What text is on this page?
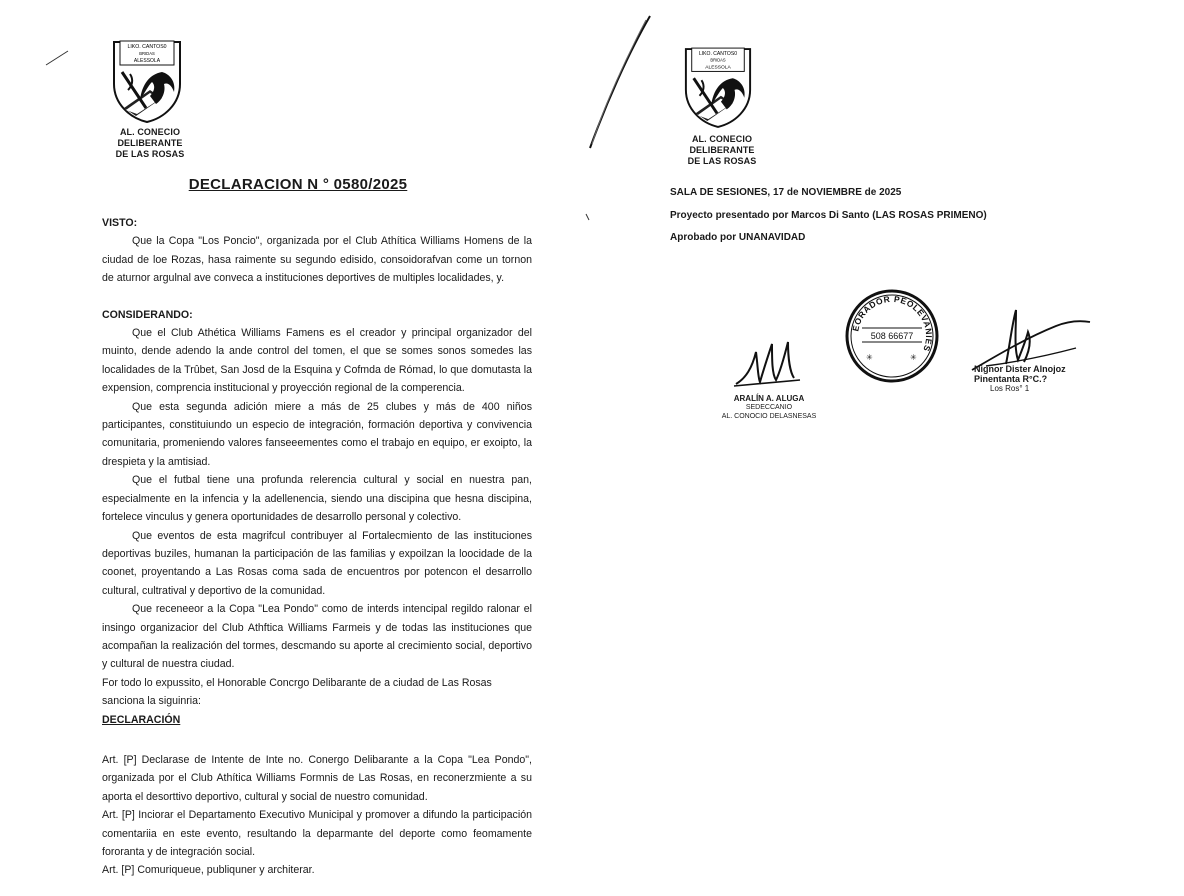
LIKO. CANTOS0
BRIDAS
ALESSOLA
AL. CONECIO DELIBERANTE
DE LAS ROSAS
DECLARACION N ° 0580/2025

VISTO:

Que la Copa "Los Poncio", organizada por el Club Athítica Williams Homens de la ciudad de loe Rozas, hasa raimente su segundo edisido, consoidorafvan come un tornon de aturnor argulnal ave conveca a instituciones deportives de multiples localidades, y.

CONSIDERANDO:

Que el Club Athética Williams Famens es el creador y principal organizador del muinto, dende adendo la ande control del tomen, el que se somes sonos somedes las localidades de la Trûbet, San Josd de la Esquina y Cofmda de Rómad, lo que domutasta la expension, comprencia institucional y proyección regional de la comperencia.

Que esta segunda adición miere a más de 25 clubes y más de 400 niños participantes, constituiundo un especio de integración, formación deportiva y convivencia comunitaria, promeniendo valores fanseeementes como el trabajo en equipo, er exoipto, la drespieta y la amtisiad.

Que el futbal tiene una profunda relerencia cultural y social en nuestra pan, especialmente en la infencia y la adellenencia, siendo una discipina que hesna discipina, fortelece vinculus y genera oportunidades de desarrollo personal y colectivo.

Que eventos de esta magrifcul contribuyer al Fortalecmiento de las instituciones deportivas buziles, humanan la participación de las familias y expoilzan la loocidade de la coonet, proyentando a Las Rosas coma sada de encuentros por potencon el desarrollo cultural, cultratival y deportivo de la comunidad.

Que receneeor a la Copa "Lea Pondo" como de interds intencipal regildo ralonar el insingo organizacior del Club Athftica Williams Farmeis y de todas las instituciones que acompañan la realización del tormes, descmando su aporte al crecimiento social, deportivo y cultural de nuestra ciudad.

For todo lo expussito, el Honorable Concrgo Delibarante de a ciudad de Las Rosas sanciona la siguinria:

DECLARACIÓN

Art. [P] Declarase de Intente de Inte no. Conergo Delibarante a la Copa "Lea Pondo", organizada por el Club Athítica Williams Formnis de Las Rosas, en reconerzmiente a su aporta el desorttivo deportivo, cultural y social de nuestro comunidad.

Art. [P] Inciorar el Departamento Executivo Municipal y promover a difundo la participación comentariia en este evento, resultando la deparmante del deporte como feomamente fororanta y de integración social.

Art. [P] Comuriqueue, publiquner y architerar.

LIKO. CANTOS0
BRIDAS
ALESSOLA
AL. CONECIO DELIBERANTE
DE LAS ROSAS
SALA DE SESIONES, 17 de NOVIEMBRE de 2025
Proyecto presentado por Marcos Di Santo (LAS ROSAS PRIMENO)
Aprobado por UNANAVIDAD
ARALÍN A. ALUGA
SEDECCANIO
AL. CONOCIO DELASNESAS
EORADOR PEOLEVANIES
508 66677
✳	✳
Nignor Dister Alnojoz
Pinentanta R°C.?
Los Ros° 1
